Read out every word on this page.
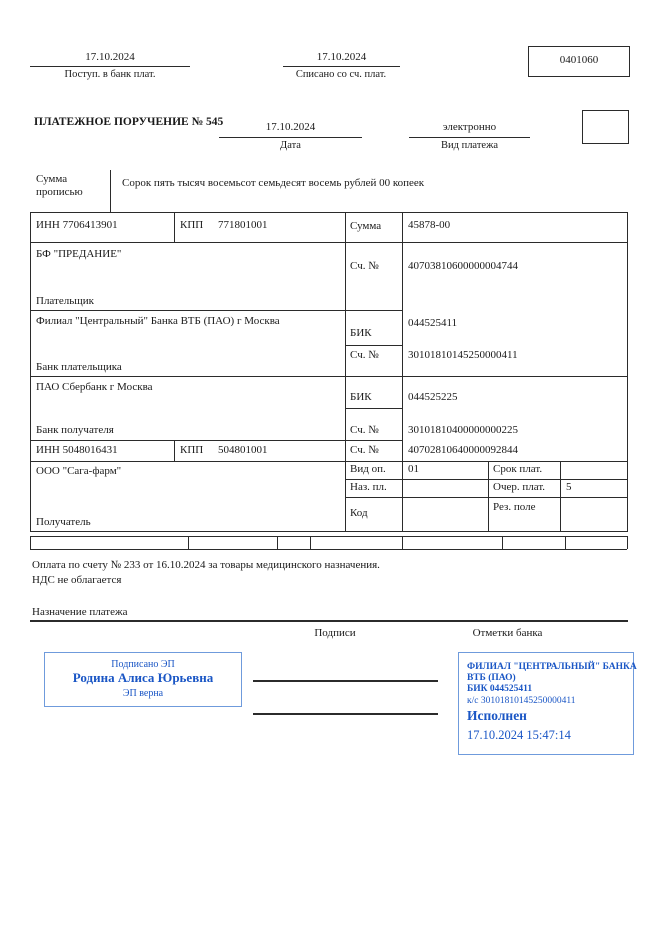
17.10.2024
Поступ. в банк плат.
17.10.2024
Списано со сч. плат.
0401060
ПЛАТЕЖНОЕ ПОРУЧЕНИЕ № 545	17.10.2024
Дата
электронно
Вид платежа
Сумма прописью
Сорок пять тысяч восемьсот семьдесят восемь рублей 00 копеек
ИНН 7706413901	КПП 771801001	Сумма 45878-00
БФ "ПРЕДАНИЕ"
Плательщик
Сч. №	40703810600000004744
Филиал "Центральный" Банка ВТБ (ПАО) г Москва
Банк плательщика
БИК
044525411
Сч. №	30101810145250000411
ПАО Сбербанк г Москва
Банк получателя
БИК	044525225
Сч. №	30101810400000000225
ИНН 5048016431	КПП 504801001	Сч. №	40702810640000092844
ООО "Сага-фарм"
Получатель
Вид оп. 01	Срок плат.
Наз. пл.	Очер. плат. 5
Код	Рез. поле
Оплата по счету № 233 от 16.10.2024 за товары медицинского назначения.
НДС не облагается
Назначение платежа
Подписи	Отметки банка
Подписано ЭП
Родина Алиса Юрьевна
ЭП верна
ФИЛИАЛ "ЦЕНТРАЛЬНЫЙ" БАНКА
ВТБ (ПАО)
БИК 044525411
к/с 30101810145250000411
Исполнен
17.10.2024 15:47:14
